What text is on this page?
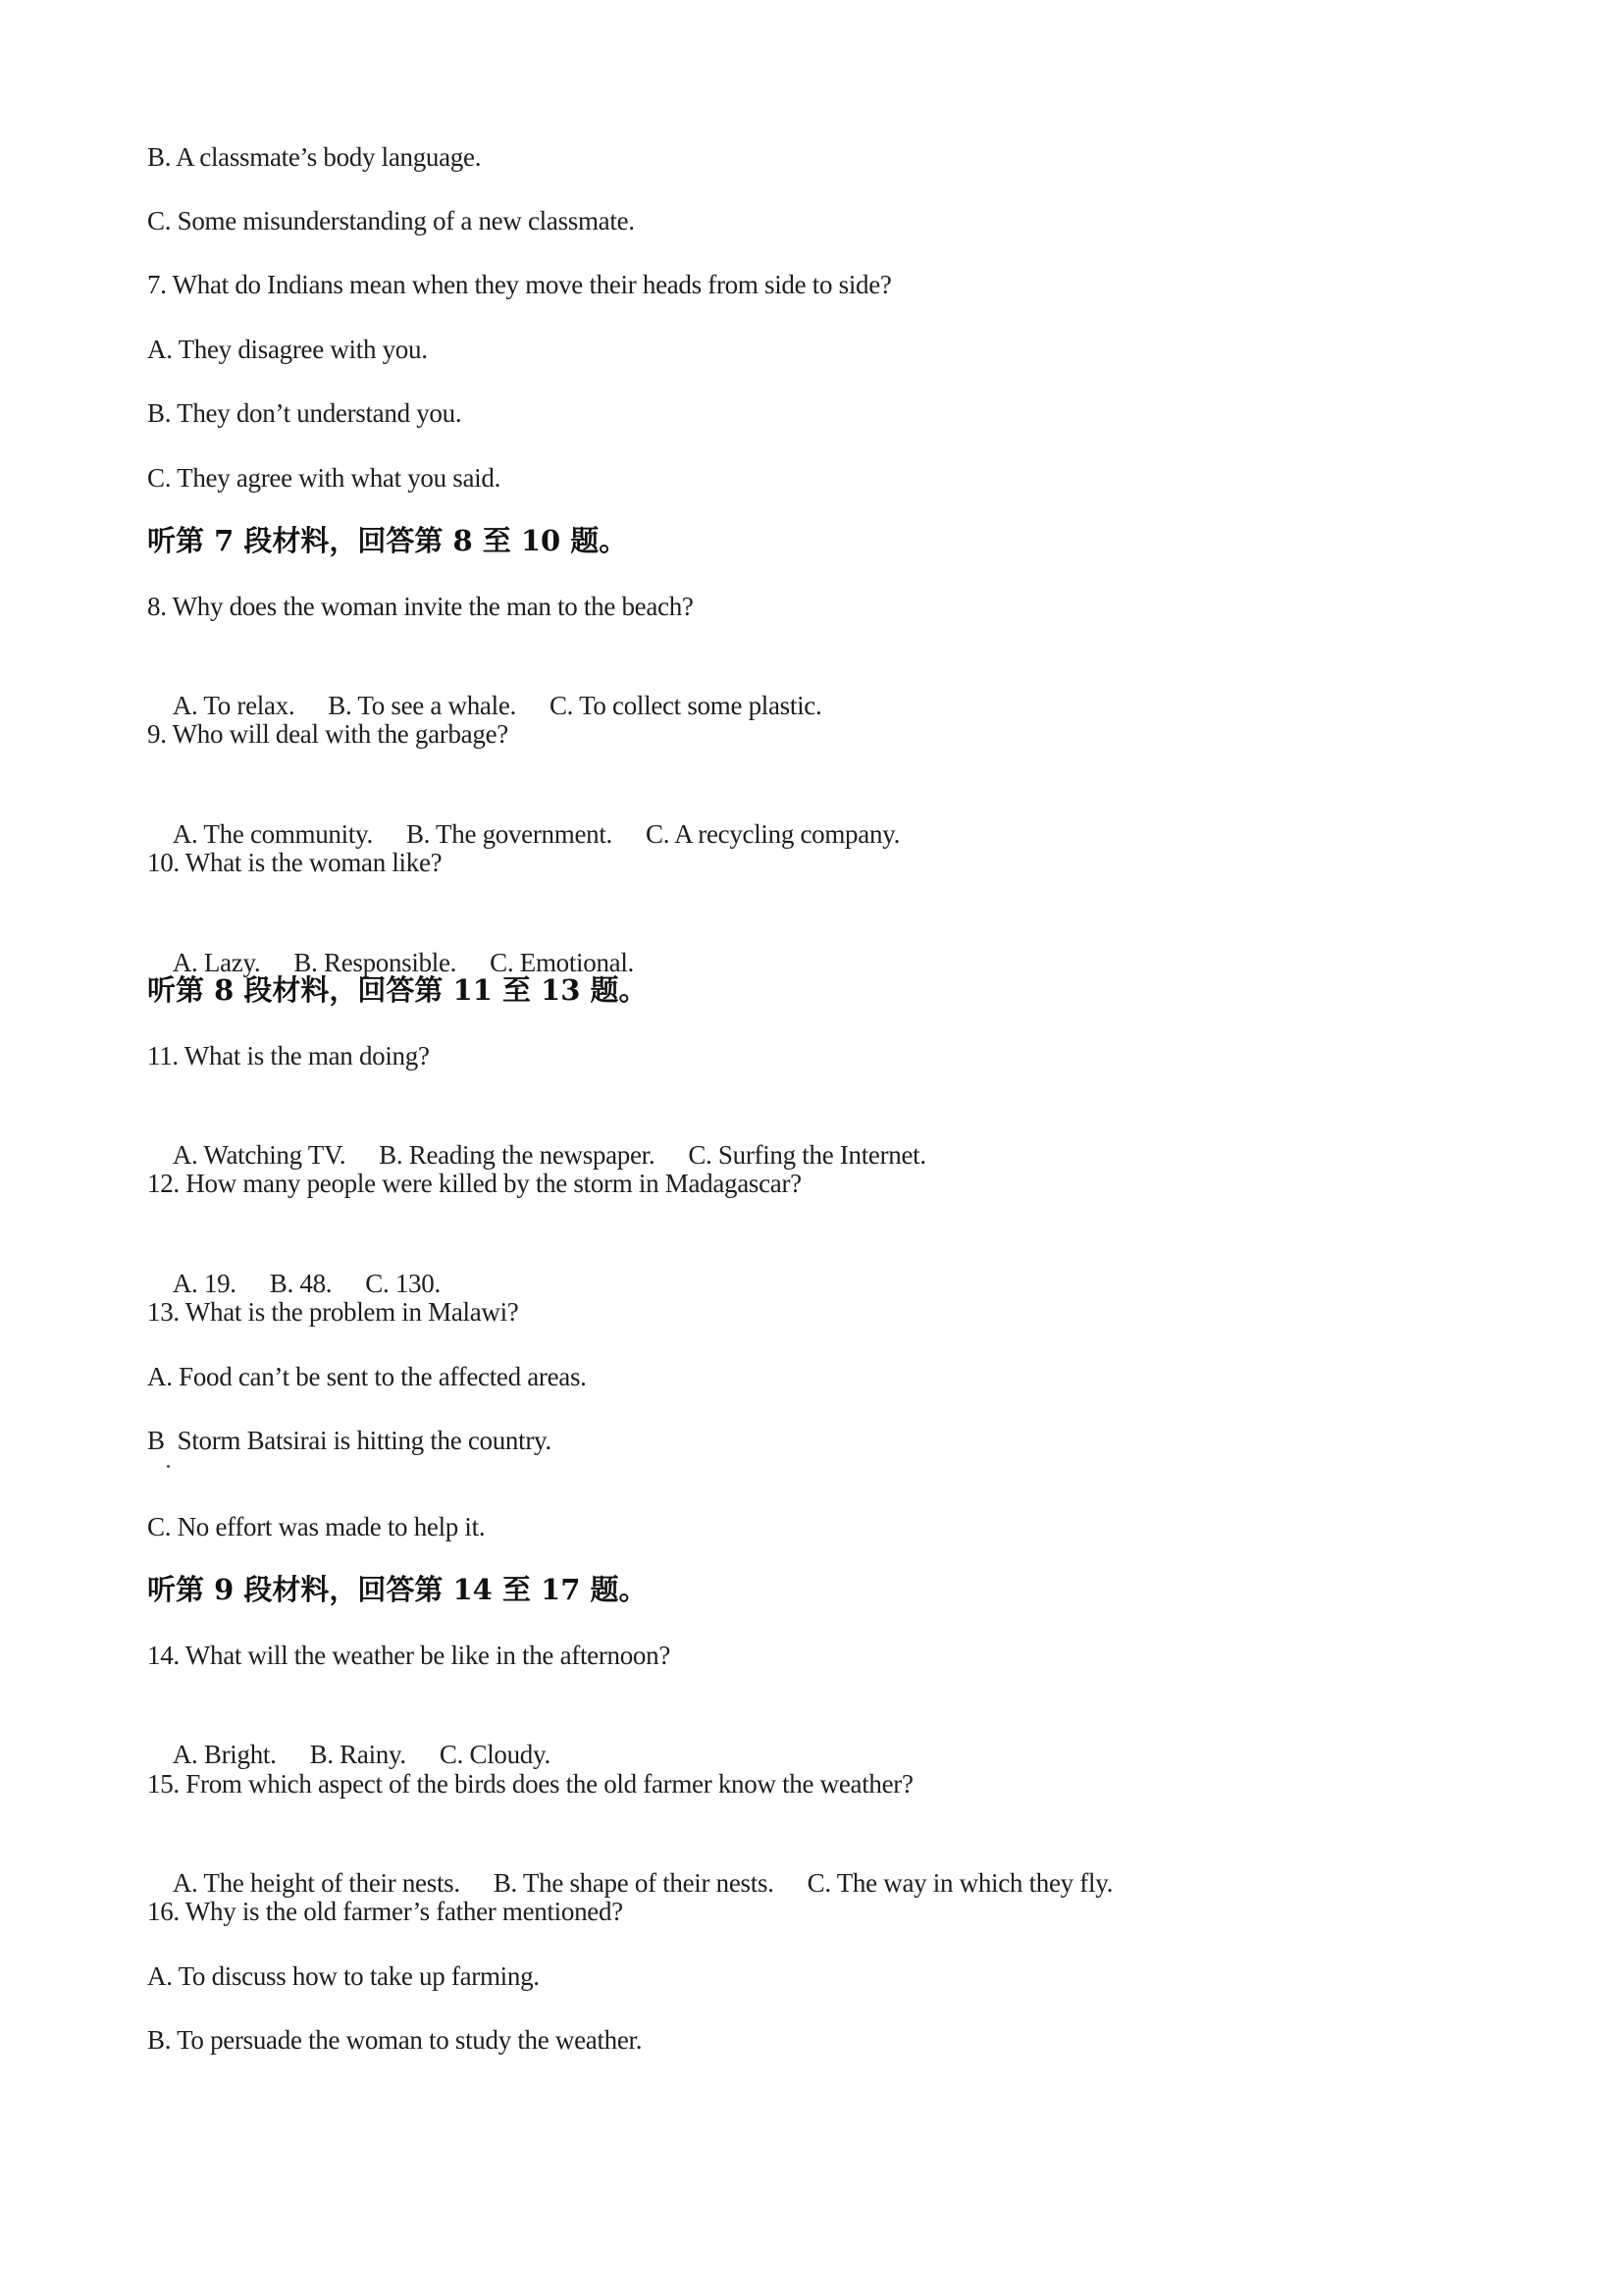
B. A classmate’s body language.
C. Some misunderstanding of a new classmate.
7. What do Indians mean when they move their heads from side to side?
A. They disagree with you.
B. They don’t understand you.
C. They agree with what you said.
听第 7 段材料，回答第 8 至 10 题。
8. Why does the woman invite the man to the beach?

A. To relax. B. To see a whale. C. To collect some plastic.

9. Who will deal with the garbage?

A. The community. B. The government. C. A recycling company.

10. What is the woman like?

A. Lazy. B. Responsible. C. Emotional.

听第 8 段材料，回答第 11 至 13 题。
11. What is the man doing?

A. Watching TV. B. Reading the newspaper. C. Surfing the Internet.

12. How many people were killed by the storm in Madagascar?

A. 19. B. 48. C. 130.

13. What is the problem in Malawi?
A. Food can’t be sent to the affected areas.
B  Storm Batsirai is hitting the country.
C. No effort was made to help it.
听第 9 段材料，回答第 14 至 17 题。
14. What will the weather be like in the afternoon?

A. Bright. B. Rainy. C. Cloudy.

15. From which aspect of the birds does the old farmer know the weather?

A. The height of their nests. B. The shape of their nests. C. The way in which they fly.

16. Why is the old farmer’s father mentioned?
A. To discuss how to take up farming.
B. To persuade the woman to study the weather.
